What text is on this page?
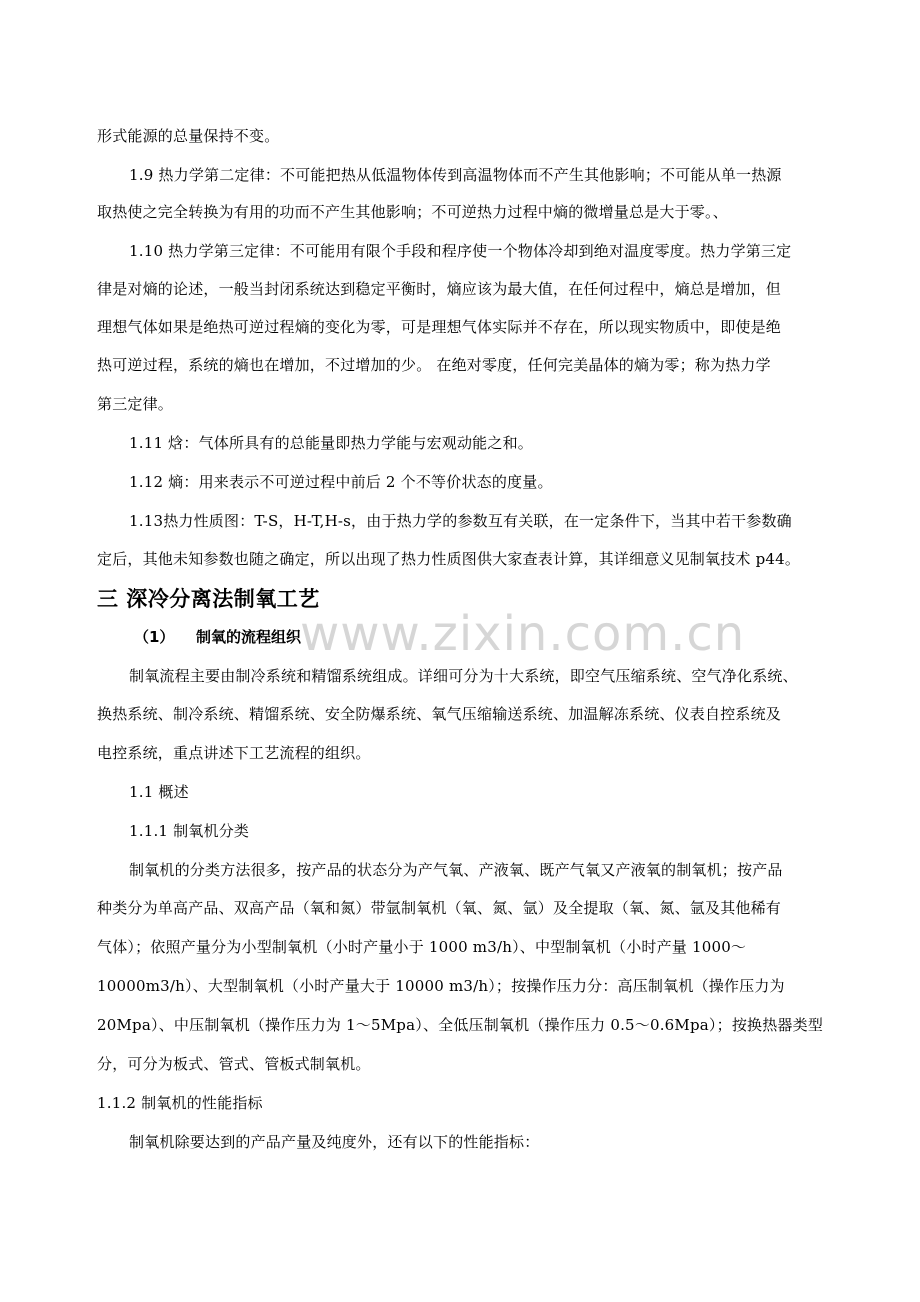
www.zixin.com.cn
形式能源的总量保持不变。
1.9 热力学第二定律：不可能把热从低温物体传到高温物体而不产生其他影响；不可能从单一热源
取热使之完全转换为有用的功而不产生其他影响；不可逆热力过程中熵的微增量总是大于零。、
1.10 热力学第三定律：不可能用有限个手段和程序使一个物体冷却到绝对温度零度。热力学第三定
律是对熵的论述，一般当封闭系统达到稳定平衡时，熵应该为最大值，在任何过程中，熵总是增加，但
理想气体如果是绝热可逆过程熵的变化为零，可是理想气体实际并不存在，所以现实物质中，即使是绝
热可逆过程，系统的熵也在增加，不过增加的少。 在绝对零度，任何完美晶体的熵为零；称为热力学
第三定律。
1.11 焓：气体所具有的总能量即热力学能与宏观动能之和。
1.12 熵：用来表示不可逆过程中前后 2 个不等价状态的度量。
1.13热力性质图：T-S，H-T,H-s，由于热力学的参数互有关联，在一定条件下，当其中若干参数确
定后，其他未知参数也随之确定，所以出现了热力性质图供大家查表计算，其详细意义见制氧技术 p44。
三 深冷分离法制氧工艺
（1） 制氧的流程组织
制氧流程主要由制冷系统和精馏系统组成。详细可分为十大系统，即空气压缩系统、空气净化系统、
换热系统、制冷系统、精馏系统、安全防爆系统、氧气压缩输送系统、加温解冻系统、仪表自控系统及
电控系统，重点讲述下工艺流程的组织。
1.1 概述
1.1.1 制氧机分类
制氧机的分类方法很多，按产品的状态分为产气氧、产液氧、既产气氧又产液氧的制氧机；按产品
种类分为单高产品、双高产品（氧和氮）带氩制氧机（氧、氮、氩）及全提取（氧、氮、氩及其他稀有
气体）；依照产量分为小型制氧机（小时产量小于 1000 m3/h）、中型制氧机（小时产量 1000～
10000m3/h）、大型制氧机（小时产量大于 10000 m3/h）；按操作压力分：高压制氧机（操作压力为
20Mpa）、中压制氧机（操作压力为 1～5Mpa）、全低压制氧机（操作压力 0.5～0.6Mpa）；按换热器类型
分，可分为板式、管式、管板式制氧机。
1.1.2 制氧机的性能指标
制氧机除要达到的产品产量及纯度外，还有以下的性能指标：
